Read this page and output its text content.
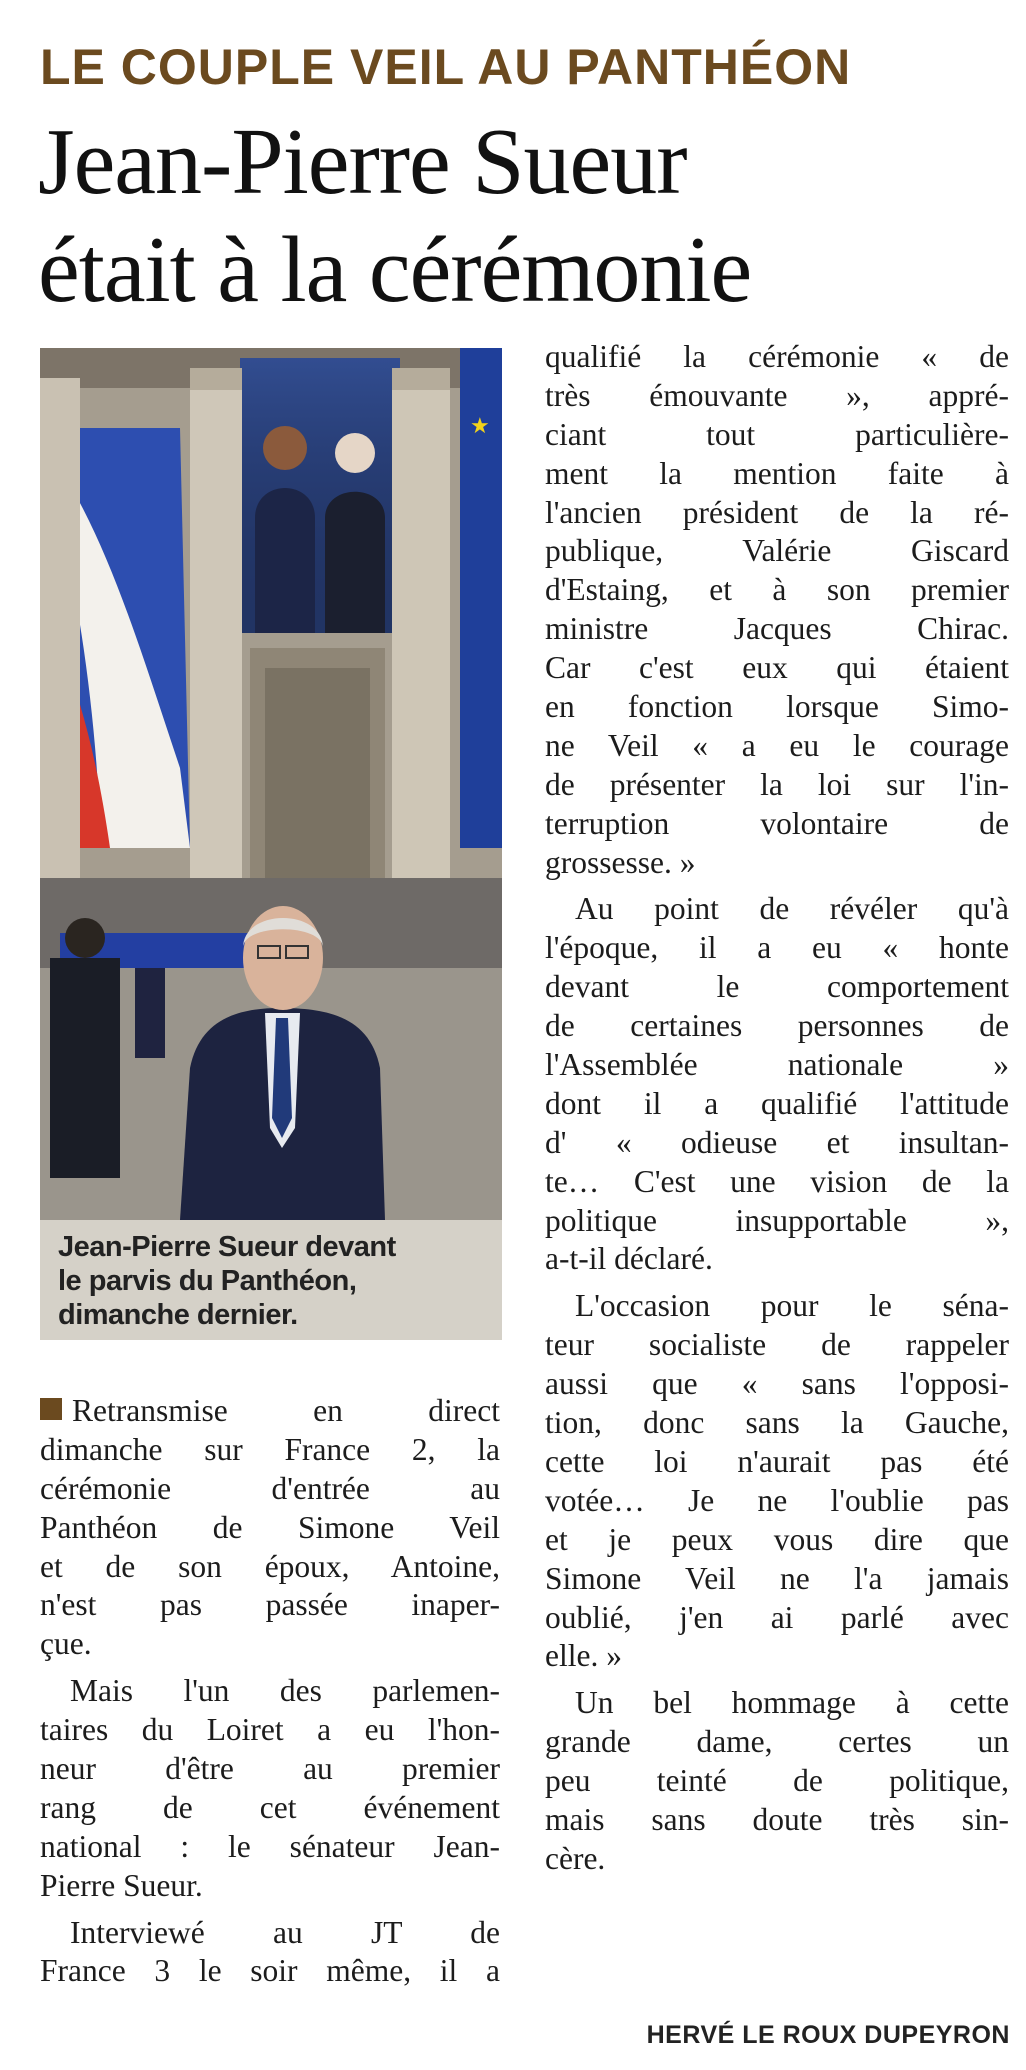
LE COUPLE VEIL AU PANTHÉON
Jean-Pierre Sueur
était à la cérémonie
★
Jean-Pierre Sueur devant
le parvis du Panthéon,
dimanche dernier.
Retransmise en direct
dimanche sur France 2, la
cérémonie d'entrée au
Panthéon de Simone Veil
et de son époux, Antoine,
n'est pas passée inaper-
çue.
Mais l'un des parlemen-
taires du Loiret a eu l'hon-
neur d'être au premier
rang de cet événement
national : le sénateur Jean-
Pierre Sueur.
Interviewé au JT de
France 3 le soir même, il a
qualifié la cérémonie « de
très émouvante », appré-
ciant tout particulière-
ment la mention faite à
l'ancien président de la ré-
publique, Valérie Giscard
d'Estaing, et à son premier
ministre Jacques Chirac.
Car c'est eux qui étaient
en fonction lorsque Simo-
ne Veil « a eu le courage
de présenter la loi sur l'in-
terruption volontaire de
grossesse. »
Au point de révéler qu'à
l'époque, il a eu « honte
devant le comportement
de certaines personnes de
l'Assemblée nationale »
dont il a qualifié l'attitude
d' « odieuse et insultan-
te… C'est une vision de la
politique insupportable »,
a-t-il déclaré.
L'occasion pour le séna-
teur socialiste de rappeler
aussi que « sans l'opposi-
tion, donc sans la Gauche,
cette loi n'aurait pas été
votée… Je ne l'oublie pas
et je peux vous dire que
Simone Veil ne l'a jamais
oublié, j'en ai parlé avec
elle. »
Un bel hommage à cette
grande dame, certes un
peu teinté de politique,
mais sans doute très sin-
cère.
HERVÉ LE ROUX DUPEYRON
